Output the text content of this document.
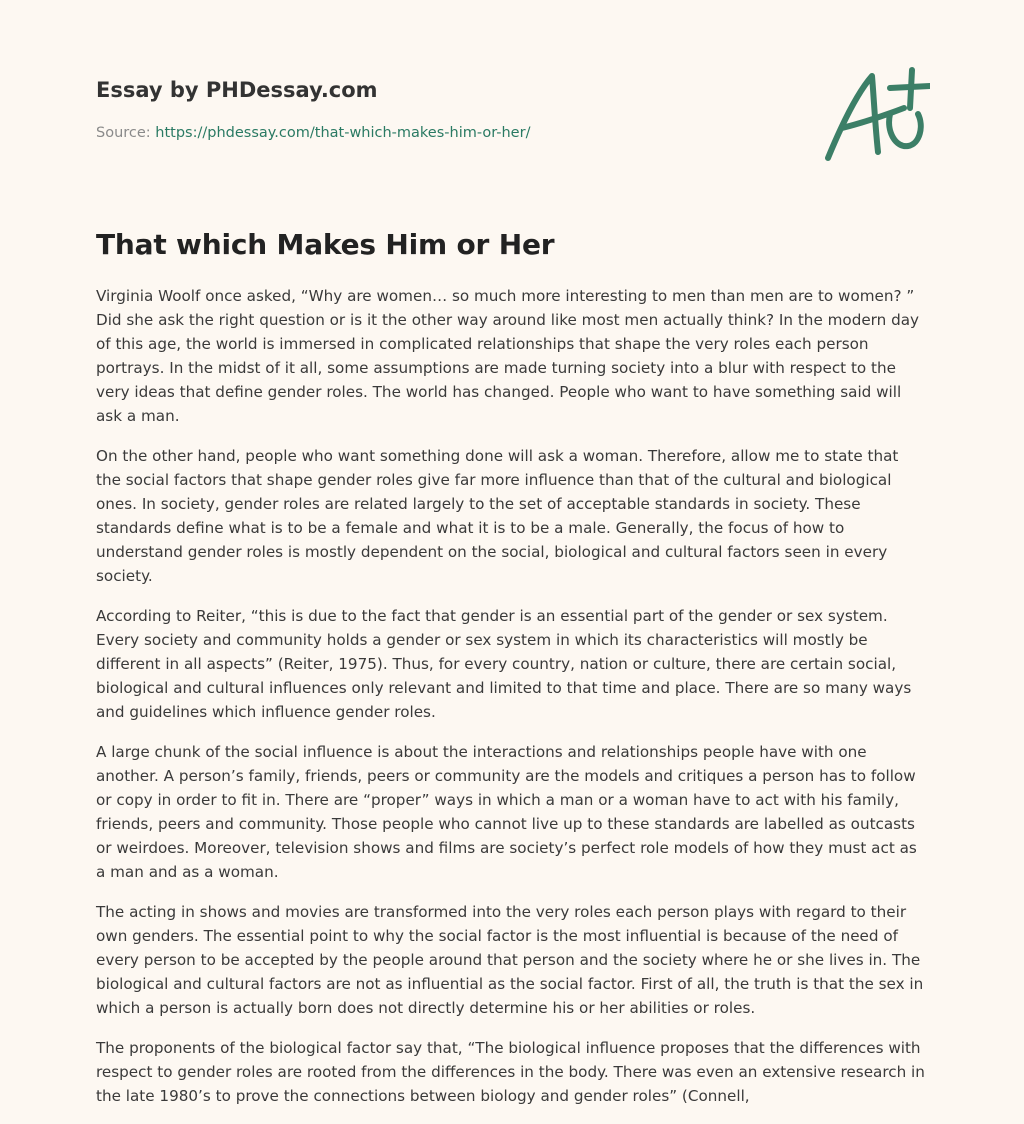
Essay by PHDessay.com

Source: https://phdessay.com/that-which-makes-him-or-her/

That which Makes Him or Her

Virginia Woolf once asked, “Why are women… so much more interesting to men than men are to women? ” Did she ask the right question or is it the other way around like most men actually think? In the modern day of this age, the world is immersed in complicated relationships that shape the very roles each person portrays. In the midst of it all, some assumptions are made turning society into a blur with respect to the very ideas that define gender roles. The world has changed. People who want to have something said will ask a man.

On the other hand, people who want something done will ask a woman. Therefore, allow me to state that the social factors that shape gender roles give far more influence than that of the cultural and biological ones. In society, gender roles are related largely to the set of acceptable standards in society. These standards define what is to be a female and what it is to be a male. Generally, the focus of how to understand gender roles is mostly dependent on the social, biological and cultural factors seen in every society.

According to Reiter, “this is due to the fact that gender is an essential part of the gender or sex system. Every society and community holds a gender or sex system in which its characteristics will mostly be different in all aspects” (Reiter, 1975). Thus, for every country, nation or culture, there are certain social, biological and cultural influences only relevant and limited to that time and place. There are so many ways and guidelines which influence gender roles.

A large chunk of the social influence is about the interactions and relationships people have with one another. A person’s family, friends, peers or community are the models and critiques a person has to follow or copy in order to fit in. There are “proper” ways in which a man or a woman have to act with his family, friends, peers and community. Those people who cannot live up to these standards are labelled as outcasts or weirdoes. Moreover, television shows and films are society’s perfect role models of how they must act as a man and as a woman.

The acting in shows and movies are transformed into the very roles each person plays with regard to their own genders. The essential point to why the social factor is the most influential is because of the need of every person to be accepted by the people around that person and the society where he or she lives in. The biological and cultural factors are not as influential as the social factor. First of all, the truth is that the sex in which a person is actually born does not directly determine his or her abilities or roles.

The proponents of the biological factor say that, “The biological influence proposes that the differences with respect to gender roles are rooted from the differences in the body. There was even an extensive research in the late 1980’s to prove the connections between biology and gender roles” (Connell,
